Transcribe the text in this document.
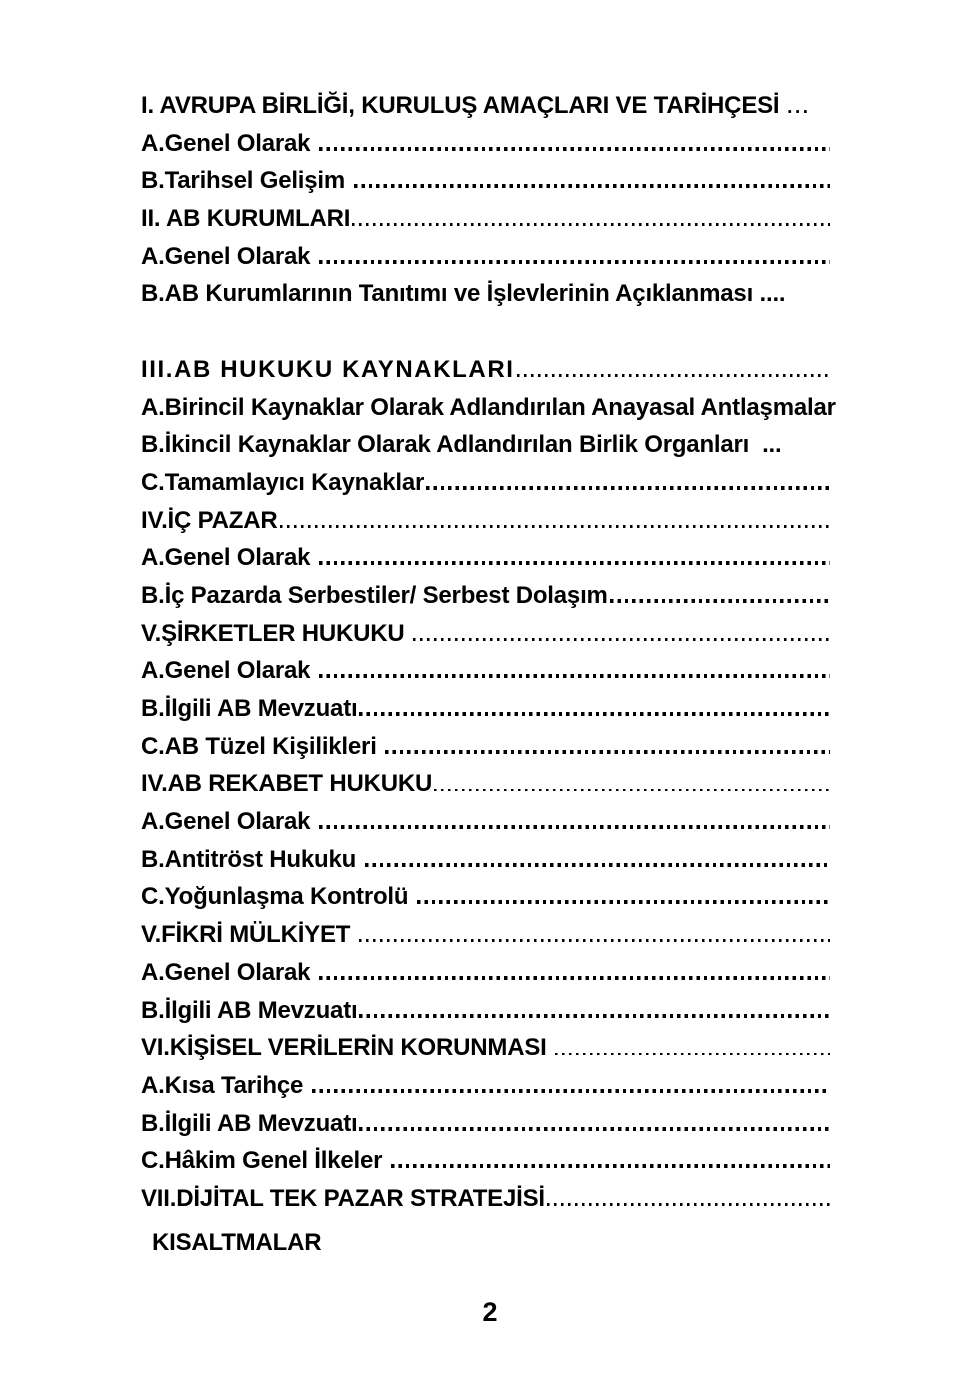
I. AVRUPA BİRLİĞİ, KURULUŞ AMAÇLARI VE TARİHÇESİ ...
A.Genel Olarak
B.Tarihsel Gelişim
II. AB KURUMLARI
A.Genel Olarak
B.AB Kurumlarının Tanıtımı ve İşlevlerinin Açıklanması ....
III.AB HUKUKU KAYNAKLARI
A.Birincil Kaynaklar Olarak Adlandırılan Anayasal Antlaşmalar
B.İkincil Kaynaklar Olarak Adlandırılan Birlik Organları ...
C.Tamamlayıcı Kaynaklar
IV.İÇ PAZAR
A.Genel Olarak
B.İç Pazarda Serbestiler/ Serbest Dolaşım
V.ŞİRKETLER HUKUKU
A.Genel Olarak
B.İlgili AB Mevzuatı
C.AB Tüzel Kişilikleri
IV.AB REKABET HUKUKU
A.Genel Olarak
B.Antitröst Hukuku
C.Yoğunlaşma Kontrolü
V.FİKRİ MÜLKİYET
A.Genel Olarak
B.İlgili AB Mevzuatı
VI.KİŞİSEL VERİLERİN KORUNMASI
A.Kısa Tarihçe
B.İlgili AB Mevzuatı
C.Hâkim Genel İlkeler
VII.DİJİTAL TEK PAZAR STRATEJİSİ
KISALTMALAR
2
